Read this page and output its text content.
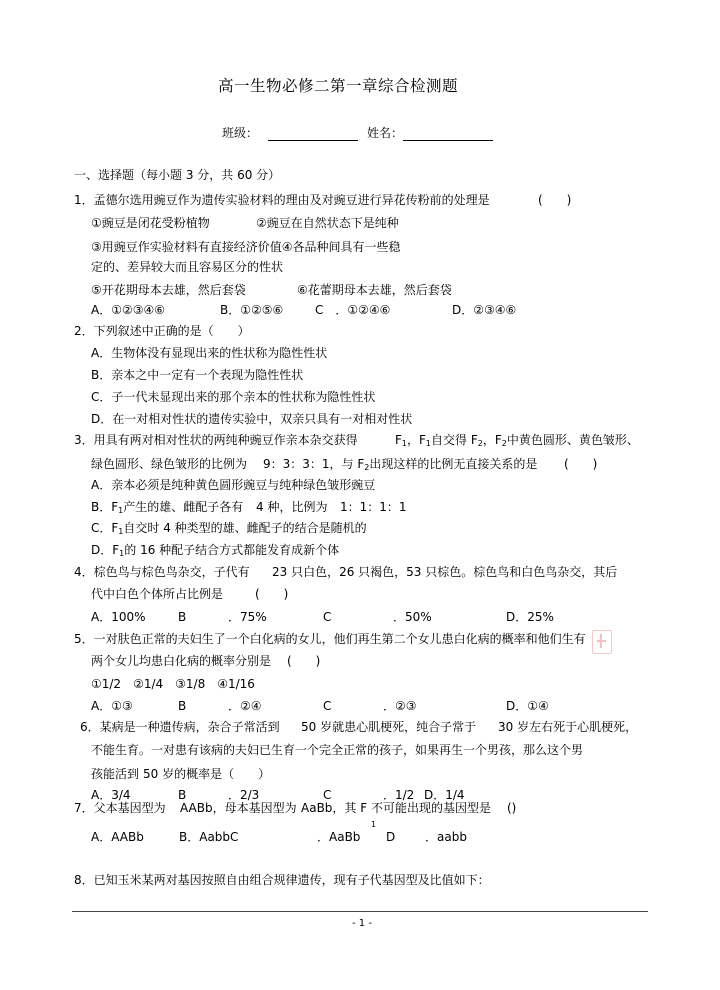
高一生物必修二第一章综合检测题
班级：	姓名：
一、选择题（每小题 3 分，共 60 分）
1．孟德尔选用豌豆作为遗传实验材料的理由及对豌豆进行异花传粉前的处理是	(　　)
①豌豆是闭花受粉植物	②豌豆在自然状态下是纯种
③用豌豆作实验材料有直接经济价值④各品种间具有一些稳
定的、差异较大而且容易区分的性状
⑤开花期母本去雄，然后套袋	⑥花蕾期母本去雄，然后套袋
A．①②③④⑥	B．①②⑤⑥	C　．①②④⑥	D．②③④⑥
2．下列叙述中正确的是（　　）
A．生物体没有显现出来的性状称为隐性性状
B．亲本之中一定有一个表现为隐性性状
C．子一代未显现出来的那个亲本的性状称为隐性性状
D．在一对相对性状的遗传实验中，双亲只具有一对相对性状
3．用具有两对相对性状的两纯种豌豆作亲本杂交获得	$F_1$，$F_1$自交得 $F_2$，$F_2$中黄色圆形、黄色皱形、
绿色圆形、绿色皱形的比例为 9：3：3：1，与 $F_2$出现这样的比例无直接关系的是 (　　)
A．亲本必须是纯种黄色圆形豌豆与纯种绿色皱形豌豆
B．$F_1$产生的雄、雌配子各有 4 种，比例为 1：1：1：1
C．$F_1$自交时 4 种类型的雄、雌配子的结合是随机的
D．$F_1$的 16 种配子结合方式都能发育成新个体
4．棕色鸟与棕色鸟杂交，子代有 23 只白色，26 只褐色，53 只棕色。棕色鸟和白色鸟杂交，其后
代中白色个体所占比例是	(　　)
A．100%	B	．75%	C	．50%	D．25%
5．一对肤色正常的夫妇生了一个白化病的女儿，他们再生第二个女儿患白化病的概率和他们生有
两个女儿均患白化病的概率分别是 (　　)
①1/2　②1/4　③1/8　④1/16
A．①③	B	．②④	C	．②③	D．①④
6．某病是一种遗传病，杂合子常活到 50 岁就患心肌梗死，纯合子常于 30 岁左右死于心肌梗死，
不能生育。一对患有该病的夫妇已生育一个完全正常的孩子，如果再生一个男孩，那么这个男
孩能活到 50 岁的概率是（　　）
A．3/4	B	．2/3	C	．1/2 D．1/4
7．父本基因型为 AABb，母本基因型为 AaBb，其 F 不可能出现的基因型是 ()
1
A．AABb	B．AabbC	．AaBb D ．aabb
8．已知玉米某两对基因按照自由组合规律遗传，现有子代基因型及比值如下：
- 1 -
